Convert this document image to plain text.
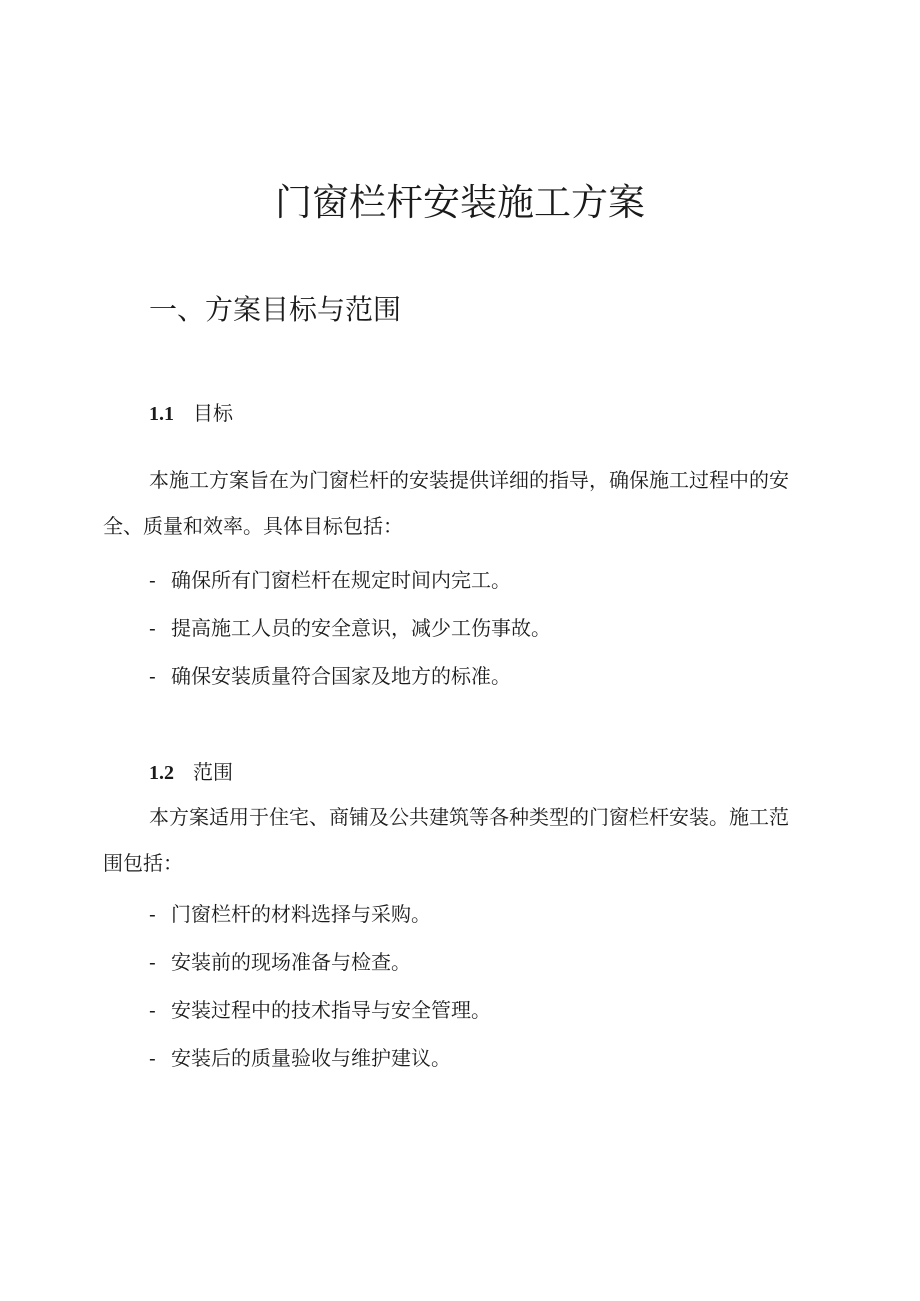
门窗栏杆安装施工方案
一、方案目标与范围

1.1 目标

本施工方案旨在为门窗栏杆的安装提供详细的指导，确保施工过程中的安全、质量和效率。具体目标包括：

- 确保所有门窗栏杆在规定时间内完工。

- 提高施工人员的安全意识，减少工伤事故。

- 确保安装质量符合国家及地方的标准。

1.2 范围

本方案适用于住宅、商铺及公共建筑等各种类型的门窗栏杆安装。施工范围包括：

- 门窗栏杆的材料选择与采购。

- 安装前的现场准备与检查。

- 安装过程中的技术指导与安全管理。

- 安装后的质量验收与维护建议。
